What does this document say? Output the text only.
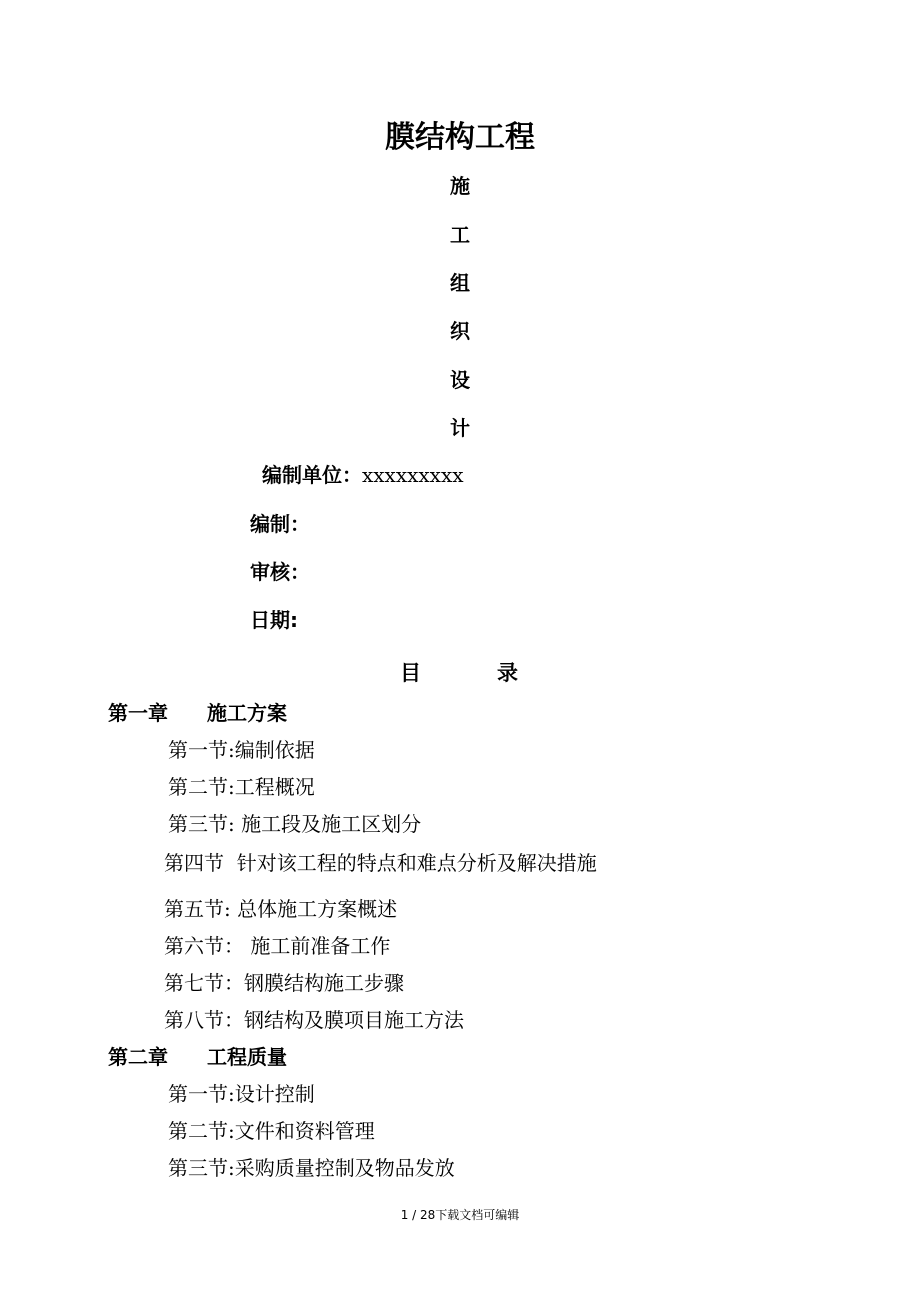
膜结构工程
施
工
组
织
设
计
编制单位：xxxxxxxxx
编制：
审核：
日期:
目	录
第一章 施工方案
第一节:编制依据
第二节:工程概况
第三节: 施工段及施工区划分
第四节  针对该工程的特点和难点分析及解决措施
第五节: 总体施工方案概述
第六节： 施工前准备工作
第七节：钢膜结构施工步骤
第八节：钢结构及膜项目施工方法
第二章 工程质量
第一节:设计控制
第二节:文件和资料管理
第三节:采购质量控制及物品发放
1 / 28下载文档可编辑
